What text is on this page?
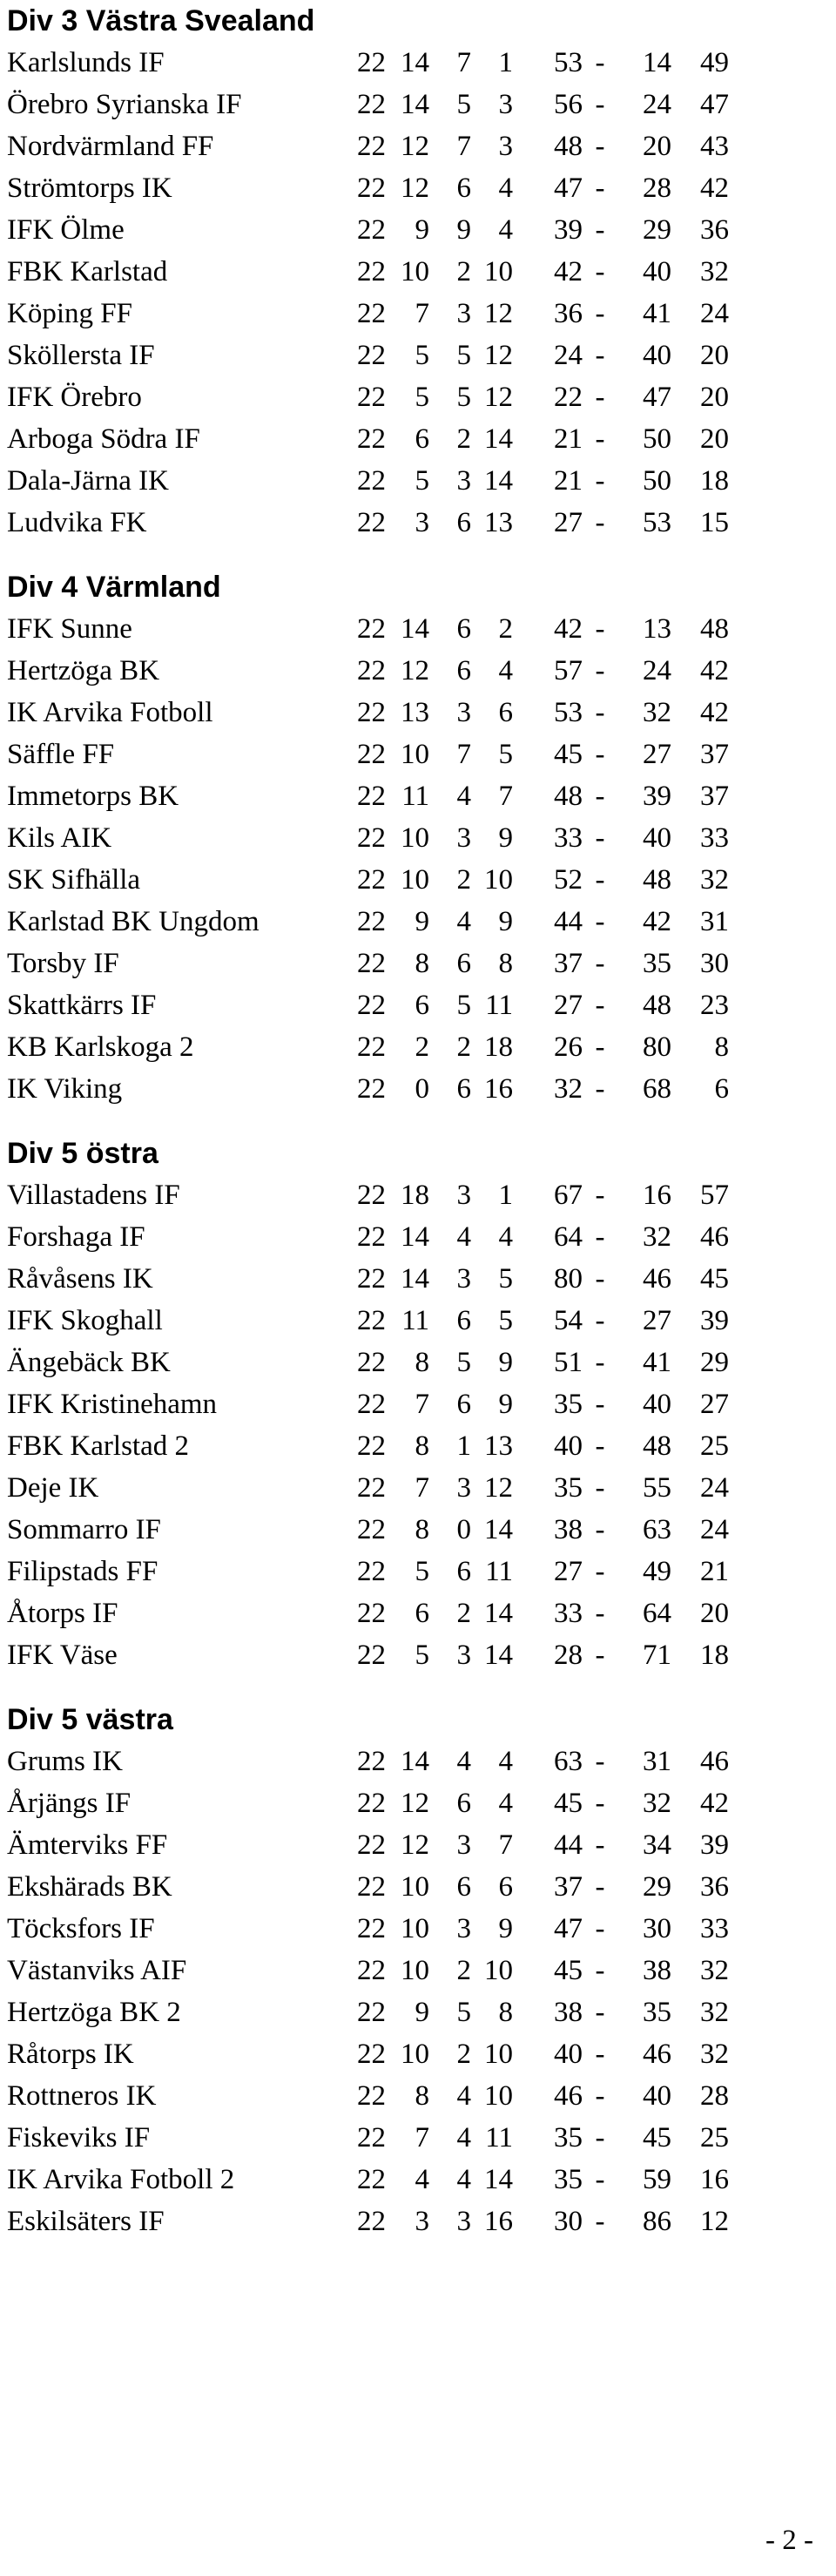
Div 3 Västra Svealand
Karlslunds IF	22 14 7 1	53 -	14	49
Örebro Syrianska IF	22 14 5 3	56 -	24	47
Nordvärmland FF	22 12 7 3	48 -	20	43
Strömtorps IK	22 12 6 4	47 -	28	42
IFK Ölme	22	9 9 4	39 -	29	36
FBK Karlstad	22 10 2 10	42 -	40	32
Köping FF	22	7 3 12	36 -	41	24
Sköllersta IF	22	5 5 12	24 -	40	20
IFK Örebro	22	5 5 12	22 -	47	20
Arboga Södra IF	22	6 2 14	21 -	50	20
Dala-Järna IK	22	5 3 14	21 -	50	18
Ludvika FK	22	3 6 13	27 -	53	15
Div 4 Värmland
IFK Sunne	22 14 6 2	42 -	13	48
Hertzöga BK	22 12 6 4	57 -	24	42
IK Arvika Fotboll	22 13 3 6	53 -	32	42
Säffle FF	22 10 7 5	45 -	27	37
Immetorps BK	22 11 4 7	48 -	39	37
Kils AIK	22 10 3 9	33 -	40	33
SK Sifhälla	22 10 2 10	52 -	48	32
Karlstad BK Ungdom	22	9 4 9	44 -	42	31
Torsby IF	22	8 6 8	37 -	35	30
Skattkärrs IF	22	6 5 11	27 -	48	23
KB Karlskoga 2	22	2 2 18	26 -	80	8
IK Viking	22	0 6 16	32 -	68	6
Div 5 östra
Villastadens IF	22 18 3 1	67 -	16	57
Forshaga IF	22 14 4 4	64 -	32	46
Råvåsens IK	22 14 3 5	80 -	46	45
IFK Skoghall	22 11 6 5	54 -	27	39
Ängebäck BK	22	8 5 9	51 -	41	29
IFK Kristinehamn	22	7 6 9	35 -	40	27
FBK Karlstad 2	22	8 1 13	40 -	48	25
Deje IK	22	7 3 12	35 -	55	24
Sommarro IF	22	8 0 14	38 -	63	24
Filipstads FF	22	5 6 11	27 -	49	21
Åtorps IF	22	6 2 14	33 -	64	20
IFK Väse	22	5 3 14	28 -	71	18
Div 5 västra
Grums IK	22 14 4 4	63 -	31	46
Årjängs IF	22 12 6 4	45 -	32	42
Ämterviks FF	22 12 3 7	44 -	34	39
Ekshärads BK	22 10 6 6	37 -	29	36
Töcksfors IF	22 10 3 9	47 -	30	33
Västanviks AIF	22 10 2 10	45 -	38	32
Hertzöga BK 2	22	9 5 8	38 -	35	32
Råtorps IK	22 10 2 10	40 -	46	32
Rottneros IK	22	8 4 10	46 -	40	28
Fiskeviks IF	22	7 4 11	35 -	45	25
IK Arvika Fotboll 2	22	4 4 14	35 -	59	16
Eskilsäters IF	22	3 3 16	30 -	86	12
- 2 -
